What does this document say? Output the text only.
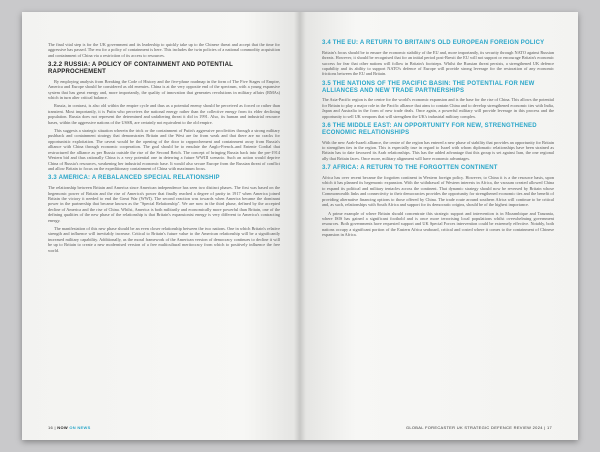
The final vital step is for the UK government and its leadership to quickly take up to the Chinese threat and accept that the time for aggressive has passed. The era for a policy of containment is here. This includes the twin policies of a national commodity acquisition and containment of China via a restriction of its access to resources.

3.2.2 RUSSIA: A POLICY OF CONTAINMENT AND POTENTIAL RAPPROCHEMENT

By employing analysis from Breaking the Code of History and the five-phase roadmap in the form of The Five Stages of Empire, America and Europe should be considered as old enemies. China is at the very opposite end of the spectrum, with a young expansive system that has great energy and, more importantly, the quality of innovation that generates revolutions in military affairs (RMAs) which in turn alter critical balance.

Russia, in contrast, is also old within the empire cycle and thus as a potential enemy should be perceived as forced or rather than transient. Most importantly, it is Putin who perceives the national energy rather than the collective energy from its elder declining population. Russia does not represent the determined and unfaltering threat it did in 1991. Also, its human and industrial resource bases, within the aggressive nations of the USSR, are certainly not equivalent to the old empire.

This suggests a strategic situation wherein the trick or the containment of Putin's aggressive proclivities through a strong military pushback and containment strategy that demonstrates Britain and the West are far from weak and that there are no cracks for opportunistic exploitation. The caveat would be the opening of the door to rapprochement and containment away from Russia's alliance with China through economic cooperation. The goal should be to emulate the Anglo-French–and Entente Cordial that restructured the alliance as per Russia outside the rise of the Second Reich. The concept of bringing Russia back into the pre-1914 Western bid and thus rationally China is a very potential one in deterring a future WWIII scenario. Such an action would deprive China of Russia's resources, weakening her industrial economic base. It would also secure Europe from the Russian threat of conflict and allow Britain to focus on the expeditionary containment of China with maximum focus.

3.3 AMERICA: A REBALANCED SPECIAL RELATIONSHIP

The relationship between Britain and America since American independence has seen two distinct phases. The first was based on the hegemonic power of Britain and the rise of America's power that finally reached a degree of parity in 1917 when America joined Britain the victory it needed to end the Great War (WWI). The second reaction was towards when America became the dominant power in the partnership that became known as the "Special Relationship". We are now in the third phase, defined by the accepted decline of America and the rise of China. Whilst, America is both militarily and economically more powerful than Britain, one of the defining qualities of the new phase of the relationship is that Britain's expansionist energy is very different to America's contracting energy.

The manifestation of this new phase should be an even closer relationship between the two nations. One in which Britain's relative strength and influence will inevitably increase. Critical to Britain's future value to the American relationship will be a significantly increased military capability. Additionally, as the moral framework of the American version of democracy continues to decline it will be up to Britain to create a new modernised version of a free multicultural meritocracy from which to positively influence the free world.

16 | NOW ON NEWS
3.4 THE EU: A RETURN TO BRITAIN'S OLD EUROPEAN FOREIGN POLICY

Britain's focus should be to ensure the economic stability of the EU and, more importantly, its security through NATO against Russian threats. However, it should be recognised that for an initial period post-Brexit the EU will not support or encourage Britain's economic success for fear that other nations will follow in Britain's footsteps. Whilst the Russian threat persists, a strengthened UK defence capability and its ability to support NATO's defence of Europe will provide strong leverage for the restoration of any economic frictions between the EU and Britain.

3.5 THE NATIONS OF THE PACIFIC BASIN: THE POTENTIAL FOR NEW ALLIANCES AND NEW TRADE PARTNERSHIPS

The Asia-Pacific region is the centre for the world's economic expansion and is the base for the rise of China. This allows the potential for Britain to play a major role in the Pacific alliance that aims to contain China and to develop strengthened economic ties with India, Japan and Australia in the form of new trade deals. Once again, a powerful military will provide leverage in this process and the opportunity to sell UK weapons that will strengthen the UK's industrial military complex.

3.6 THE MIDDLE EAST: AN OPPORTUNITY FOR NEW, STRENGTHENED ECONOMIC RELATIONSHIPS

With the new Arab-Israeli alliance, the centre of the region has entered a new phase of stability that provides an opportunity for Britain to strengthen ties in the region. This is especially true in regard to Israel with whom diplomatic relationships have been strained as Britain has to date favoured its Arab relationships. This has the added advantage that this group is set against Iran, the one regional ally that Britain faces. Once more, military alignment will have economic advantages.

3.7 AFRICA: A RETURN TO THE FORGOTTEN CONTINENT

Africa has over recent became the forgotten continent in Western foreign policy. However, to China it is a the resource basis, upon which it has planned its hegemonic expansion. With the withdrawal of Western interests in Africa, the vacuum created allowed China to expand its political and military tentacles across the continent. That dynamic strategy should now be reversed by Britain whose Commonwealth links and connectivity to their democracies provides the opportunity for strengthened economic ties and the benefit of providing alternative financing options to those offered by China. The trade route around southern Africa will continue to be critical and, as such, relationships with South Africa and support for its democratic origins, should be of the highest importance.

A prime example of where Britain should concentrate this strategic support and intervention is in Mozambique and Tanzania, where ISIS has gained a significant foothold and is once more terrorising local populations whilst overwhelming government resources. Both governments have requested support and UK Special Forces intervention could be extremely effective. Notably, both nations occupy a significant portion of the Eastern Africa seaboard, critical and costed where it comes to the containment of Chinese expansion in Africa.

GLOBAL FORECASTER UK STRATEGIC DEFENCE REVIEW 2024 | 17
